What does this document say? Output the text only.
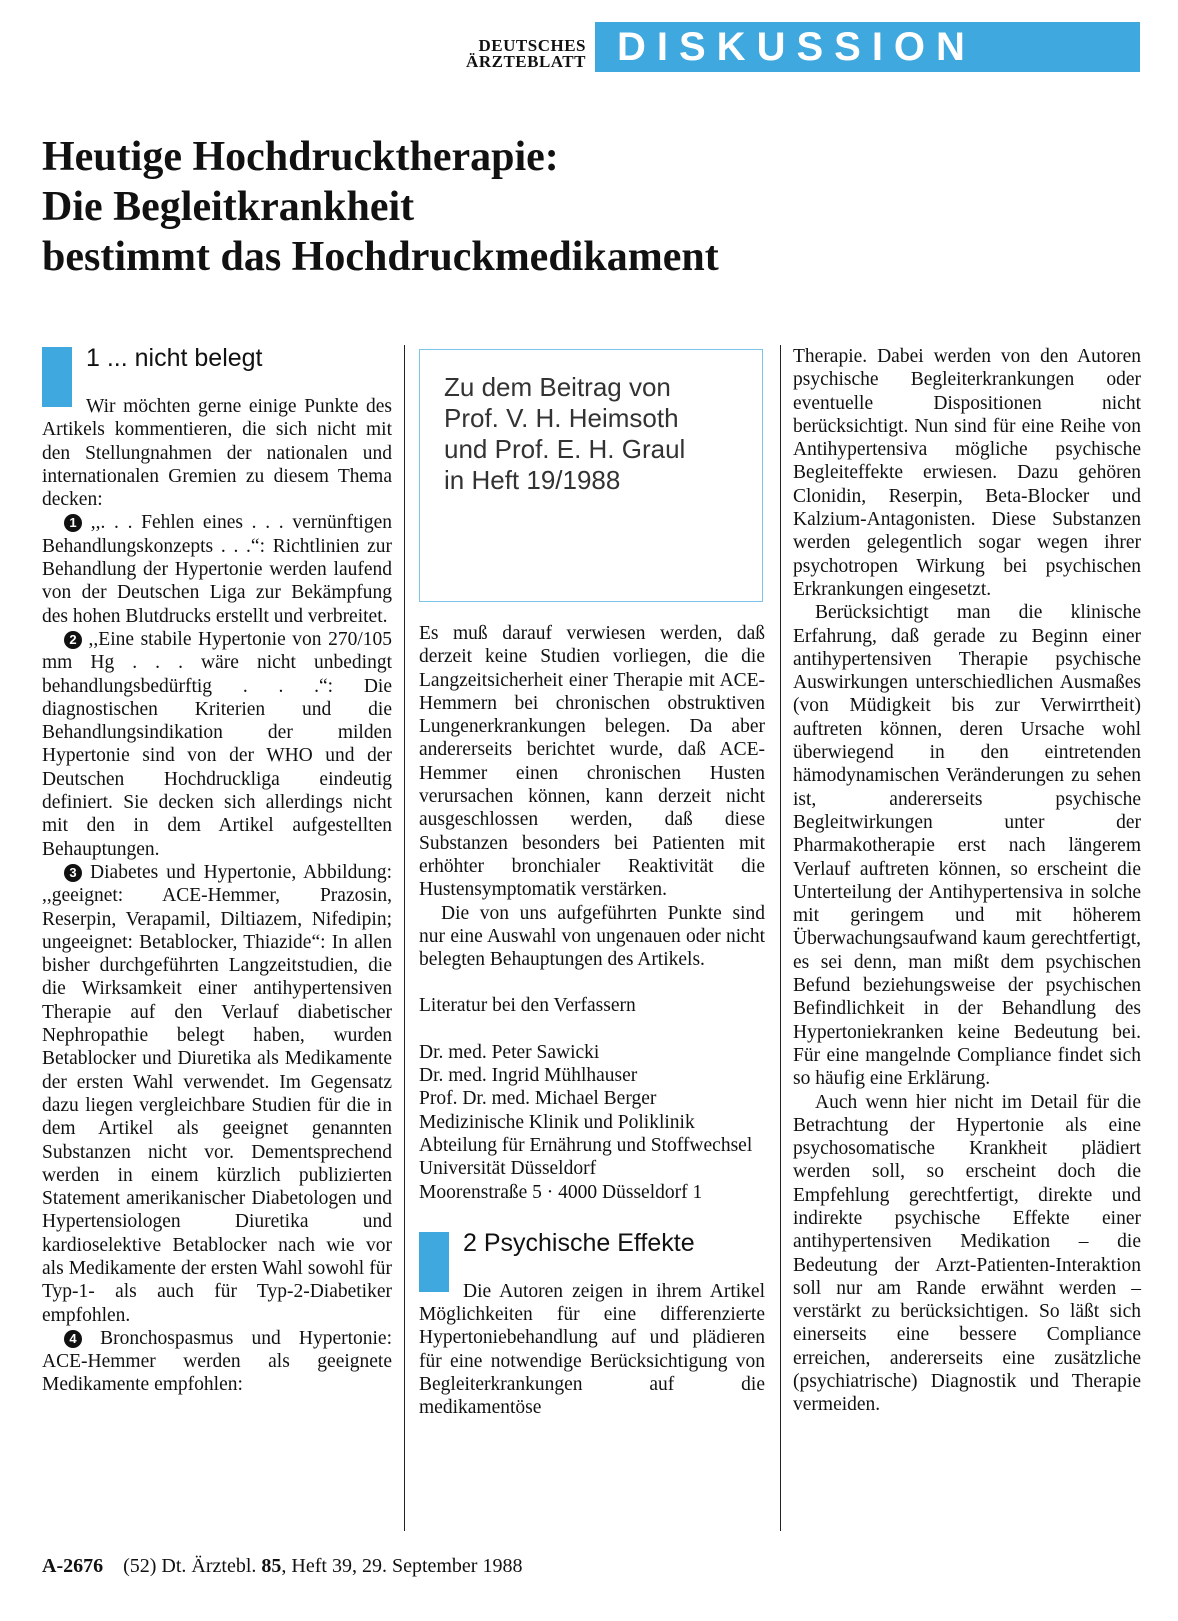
DEUTSCHES
ÄRZTEBLATT DISKUSSION
Heutige Hochdrucktherapie:
Die Begleitkrankheit
bestimmt das Hochdruckmedikament
1 ... nicht belegt

Wir möchten gerne einige Punkte des Artikels kommentieren, die sich nicht mit den Stellungnahmen der nationalen und internationalen Gremien zu diesem Thema decken:

1 ,,. . . Fehlen eines . . . vernünftigen Behandlungskonzepts . . .“: Richtlinien zur Behandlung der Hypertonie werden laufend von der Deutschen Liga zur Bekämpfung des hohen Blutdrucks erstellt und verbreitet.

2 ,,Eine stabile Hypertonie von 270/105 mm Hg . . . wäre nicht unbedingt behandlungsbedürftig . . .“: Die diagnostischen Kriterien und die Behandlungsindikation der milden Hypertonie sind von der WHO und der Deutschen Hochdruckliga eindeutig definiert. Sie decken sich allerdings nicht mit den in dem Artikel aufgestellten Behauptungen.

3 Diabetes und Hypertonie, Abbildung: ,,geeignet: ACE-Hemmer, Prazosin, Reserpin, Verapamil, Diltiazem, Nifedipin; ungeeignet: Betablocker, Thiazide“: In allen bisher durchgeführten Langzeitstudien, die die Wirksamkeit einer antihypertensiven Therapie auf den Verlauf diabetischer Nephropathie belegt haben, wurden Betablocker und Diuretika als Medikamente der ersten Wahl verwendet. Im Gegensatz dazu liegen vergleichbare Studien für die in dem Artikel als geeignet genannten Substanzen nicht vor. Dementsprechend werden in einem kürzlich publizierten Statement amerikanischer Diabetologen und Hypertensiologen Diuretika und kardioselektive Betablocker nach wie vor als Medikamente der ersten Wahl sowohl für Typ-1- als auch für Typ-2-Diabetiker empfohlen.

4 Bronchospasmus und Hypertonie: ACE-Hemmer werden als geeignete Medikamente empfohlen:

Zu dem Beitrag von
Prof. V. H. Heimsoth
und Prof. E. H. Graul
in Heft 19/1988

Es muß darauf verwiesen werden, daß derzeit keine Studien vorliegen, die die Langzeitsicherheit einer Therapie mit ACE-Hemmern bei chronischen obstruktiven Lungenerkrankungen belegen. Da aber andererseits berichtet wurde, daß ACE-Hemmer einen chronischen Husten verursachen können, kann derzeit nicht ausgeschlossen werden, daß diese Substanzen besonders bei Patienten mit erhöhter bronchialer Reaktivität die Hustensymptomatik verstärken.

Die von uns aufgeführten Punkte sind nur eine Auswahl von ungenauen oder nicht belegten Behauptungen des Artikels.

Literatur bei den Verfassern

Dr. med. Peter Sawicki
Dr. med. Ingrid Mühlhauser
Prof. Dr. med. Michael Berger
Medizinische Klinik und Poliklinik
Abteilung für Ernährung und Stoffwechsel
Universität Düsseldorf
Moorenstraße 5 · 4000 Düsseldorf 1
2 Psychische Effekte

Die Autoren zeigen in ihrem Artikel Möglichkeiten für eine differenzierte Hypertoniebehandlung auf und plädieren für eine notwendige Berücksichtigung von Begleiterkrankungen auf die medikamentöse

Therapie. Dabei werden von den Autoren psychische Begleiterkrankungen oder eventuelle Dispositionen nicht berücksichtigt. Nun sind für eine Reihe von Antihypertensiva mögliche psychische Begleiteffekte erwiesen. Dazu gehören Clonidin, Reserpin, Beta-Blocker und Kalzium-Antagonisten. Diese Substanzen werden gelegentlich sogar wegen ihrer psychotropen Wirkung bei psychischen Erkrankungen eingesetzt.

Berücksichtigt man die klinische Erfahrung, daß gerade zu Beginn einer antihypertensiven Therapie psychische Auswirkungen unterschiedlichen Ausmaßes (von Müdigkeit bis zur Verwirrtheit) auftreten können, deren Ursache wohl überwiegend in den eintretenden hämodynamischen Veränderungen zu sehen ist, andererseits psychische Begleitwirkungen unter der Pharmakotherapie erst nach längerem Verlauf auftreten können, so erscheint die Unterteilung der Antihypertensiva in solche mit geringem und mit höherem Überwachungsaufwand kaum gerechtfertigt, es sei denn, man mißt dem psychischen Befund beziehungsweise der psychischen Befindlichkeit in der Behandlung des Hypertoniekranken keine Bedeutung bei. Für eine mangelnde Compliance findet sich so häufig eine Erklärung.

Auch wenn hier nicht im Detail für die Betrachtung der Hypertonie als eine psychosomatische Krankheit plädiert werden soll, so erscheint doch die Empfehlung gerechtfertigt, direkte und indirekte psychische Effekte einer antihypertensiven Medikation – die Bedeutung der Arzt-Patienten-Interaktion soll nur am Rande erwähnt werden – verstärkt zu berücksichtigen. So läßt sich einerseits eine bessere Compliance erreichen, andererseits eine zusätzliche (psychiatrische) Diagnostik und Therapie vermeiden.

A-2676 (52) Dt. Ärztebl. 85, Heft 39, 29. September 1988
